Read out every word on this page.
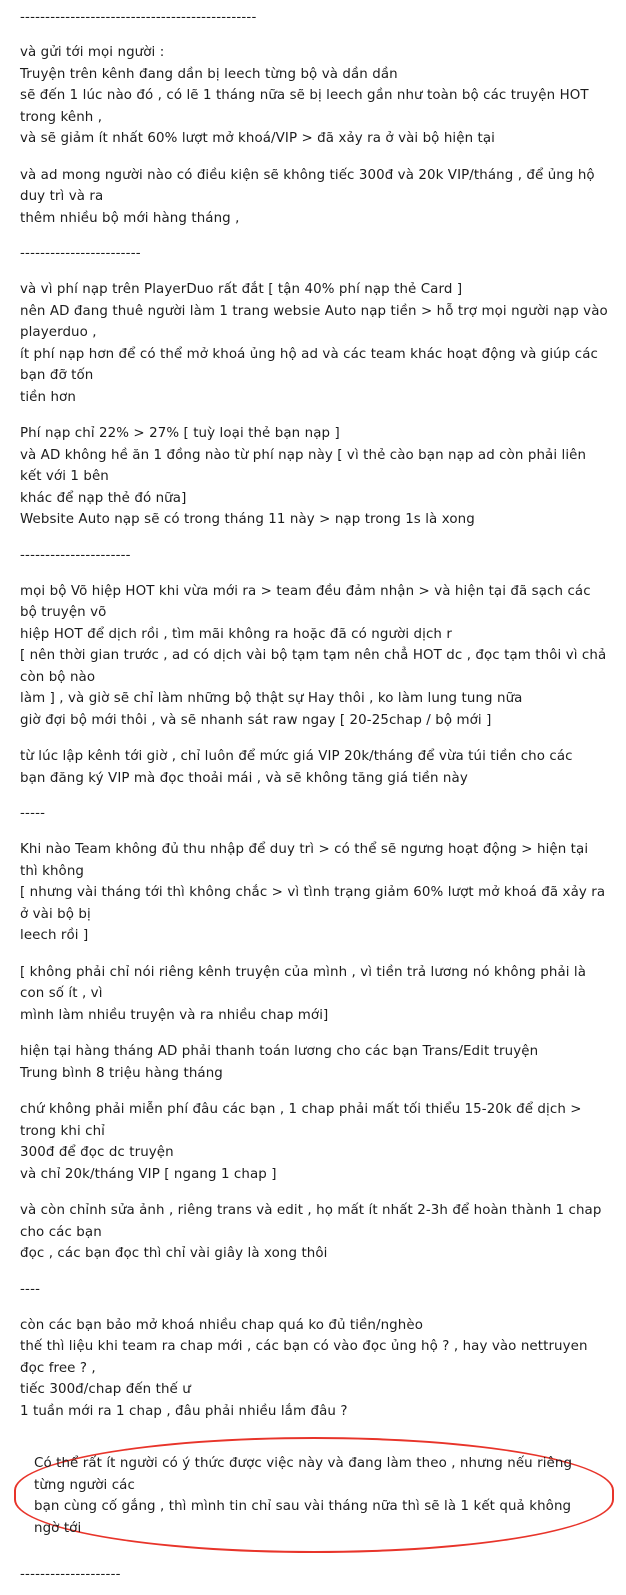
-----------------------------------------------
và gửi tới mọi người :
Truyện trên kênh đang dần bị leech từng bộ và dần dần
sẽ đến 1 lúc nào đó , có lẽ 1 tháng nữa sẽ bị leech gần như toàn bộ các truyện HOT trong kênh ,
và sẽ giảm ít nhất 60% lượt mở khoá/VIP > đã xảy ra ở vài bộ hiện tại
và ad mong người nào có điều kiện sẽ không tiếc 300đ và 20k VIP/tháng , để ủng hộ duy trì và ra
thêm nhiều bộ mới hàng tháng ,
------------------------
và vì phí nạp trên PlayerDuo rất đắt [ tận 40% phí nạp thẻ Card ]
nên AD đang thuê người làm 1 trang websie Auto nạp tiền > hỗ trợ mọi người nạp vào playerduo ,
ít phí nạp hơn để có thể mở khoá ủng hộ ad và các team khác hoạt động và giúp các bạn đỡ tốn
tiền hơn
Phí nạp chỉ 22% > 27% [ tuỳ loại thẻ bạn nạp ]
và AD không hề ăn 1 đồng nào từ phí nạp này [ vì thẻ cào bạn nạp ad còn phải liên kết với 1 bên
khác để nạp thẻ đó nữa]
Website Auto nạp sẽ có trong tháng 11 này > nạp trong 1s là xong
----------------------
mọi bộ Võ hiệp HOT khi vừa mới ra > team đều đảm nhận > và hiện tại đã sạch các bộ truyện võ
hiệp HOT để dịch rồi , tìm mãi không ra hoặc đã có người dịch r
[ nên thời gian trước , ad có dịch vài bộ tạm tạm nên chẳ HOT dc , đọc tạm thôi vì chả còn bộ nào
làm ] , và giờ sẽ chỉ làm những bộ thật sự Hay thôi , ko làm lung tung nữa
giờ đợi bộ mới thôi , và sẽ nhanh sát raw ngay [ 20-25chap / bộ mới ]
từ lúc lập kênh tới giờ , chỉ luôn để mức giá VIP 20k/tháng để vừa túi tiền cho các
bạn đăng ký VIP mà đọc thoải mái , và sẽ không tăng giá tiền này
-----
Khi nào Team không đủ thu nhập để duy trì > có thể sẽ ngưng hoạt động > hiện tại thì không
[ nhưng vài tháng tới thì không chắc > vì tình trạng giảm 60% lượt mở khoá đã xảy ra ở vài bộ bị
leech rồi ]
[ không phải chỉ nói riêng kênh truyện của mình , vì tiền trả lương nó không phải là con số ít , vì
mình làm nhiều truyện và ra nhiều chap mới]
hiện tại hàng tháng AD phải thanh toán lương cho các bạn Trans/Edit truyện
Trung bình 8 triệu hàng tháng
chứ không phải miễn phí đâu các bạn , 1 chap phải mất tối thiểu 15-20k để dịch > trong khi chỉ
300đ để đọc dc truyện
và chỉ 20k/tháng VIP [ ngang 1 chap ]
và còn chỉnh sửa ảnh , riêng trans và edit , họ mất ít nhất 2-3h để hoàn thành 1 chap cho các bạn
đọc , các bạn đọc thì chỉ vài giây là xong thôi
----
còn các bạn bảo mở khoá nhiều chap quá ko đủ tiền/nghèo
thế thì liệu khi team ra chap mới , các bạn có vào đọc ủng hộ ? , hay vào nettruyen đọc free ? ,
tiếc 300đ/chap đến thế ư
1 tuần mới ra 1 chap , đâu phải nhiều lắm đâu ?
Có thể rất ít người có ý thức được việc này và đang làm theo , nhưng nếu riêng từng người các
bạn cùng cố gắng , thì mình tin chỉ sau vài tháng nữa thì sẽ là 1 kết quả không ngờ tới
--------------------
